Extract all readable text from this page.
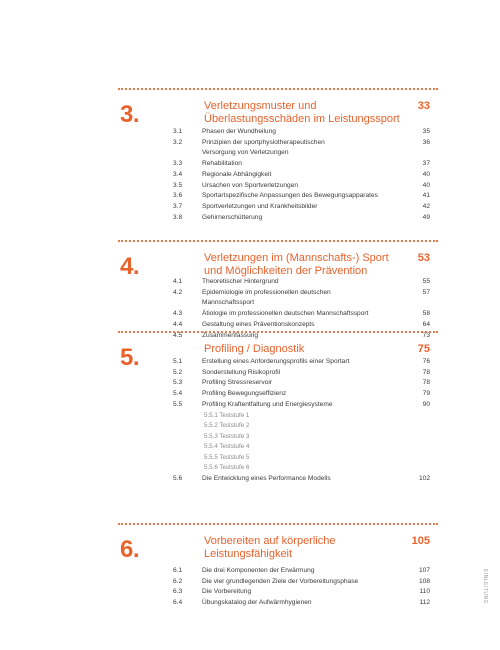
3.	Verletzungsmuster und
Überlastungsschäden im Leistungssport
33
3.1	Phasen der Wundheilung	35
3.2	Prinzipien der sportphysiotherapeutischen
Versorgung von Verletzungen
36
3.3	Rehabilitation	37
3.4	Regionale Abhängigkeit	40
3.5	Ursachen von Sportverletzungen	40
3.6	Sportartspezifische Anpassungen des Bewegungsapparates	41
3.7	Sportverletzungen und Krankheitsbilder	42
3.8	Gehirnerschütterung	49
4.	Verletzungen im (Mannschafts-) Sport
und Möglichkeiten der Prävention
53
4.1	Theoretischer Hintergrund	55
4.2	Epidemiologie im professionellen deutschen
Mannschaftssport
57
4.3	Ätiologie im professionellen deutschen Mannschaftssport	58
4.4	Gestaltung eines Präventionskonzepts	64
4.5	Zusammenfassung	73
5.	Profiling / Diagnostik	75
5.1	Erstellung eines Anforderungsprofils einer Sportart	76
5.2	Sonderstellung Risikoprofil	78
5.3	Profiling Stressreservoir	78
5.4	Profiling Bewegungseffizienz	79
5.5	Profiling Kraftentfaltung und Energiesysteme	90
5.5.1 Teststufe 1
5.5.2 Teststufe 2
5.5.3 Teststufe 3
5.5.4 Teststufe 4
5.5.5 Teststufe 5
5.5.6 Teststufe 6
5.6	Die Entwicklung eines Performance Modells	102
6.	Vorbereiten auf körperliche
Leistungsfähigkeit
105
6.1	Die drei Komponenten der Erwärmung	107
6.2	Die vier grundlegenden Ziele der Vorbereitungsphase	108
6.3	Die Vorbereitung	110
6.4	Übungskatalog der Aufwärmhygienen	112	EINLEITUNG
